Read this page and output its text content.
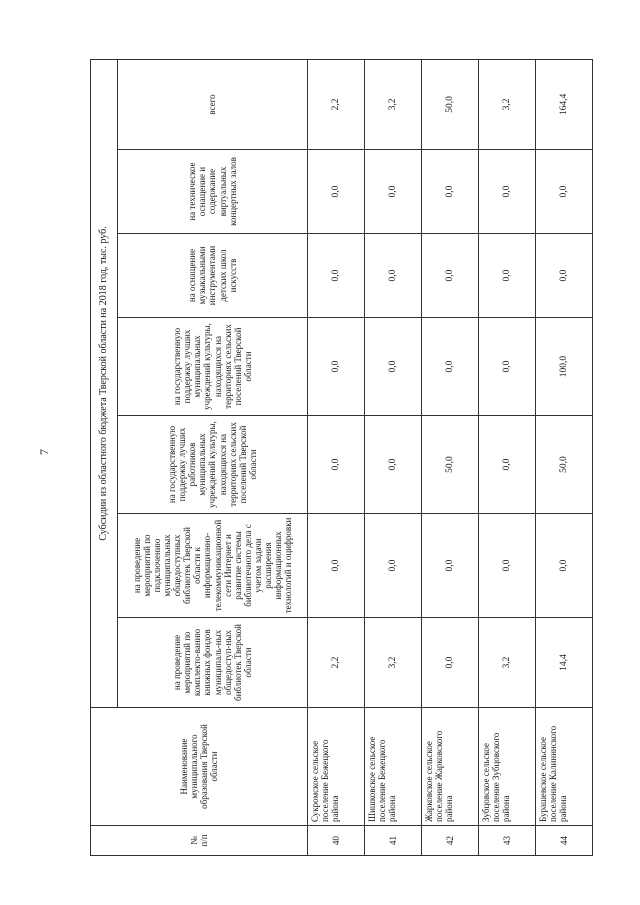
7
№
п/п	Наименование муниципального образования Тверской области	Субсидии из областного бюджета Тверской области на 2018 год, тыс. руб.						
		на проведение мероприятий по комплекто-ванию книжных фондов муниципаль-ных общедоступ-ных библиотек Тверской области	на проведение мероприятий по подключению муниципальных общедоступных библиотек Тверской области к информационно-телекоммуникационной сети Интернет и развитие системы библиотечного дела с учетом задачи расширения информационных технологий и оцифровки	на государственную поддержку лучших работников муниципальных учреждений культуры, находящихся на территориях сельских поселений Тверской области	на государственную поддержку лучших муниципальных учреждений культуры, находящихся на территориях сельских поселений Тверской области	на оснащение музыкальными инструментами детских школ искусств	на техническое оснащение и содержание виртуальных концертных залов	всего
40	Сукромское сельское поселение Бежецкого района	2,2	0,0	0,0	0,0	0,0	0,0	2,2
41	Шишковское сельское поселение Бежецкого района	3,2	0,0	0,0	0,0	0,0	0,0	3,2
42	Жарковское сельское поселение Жарковского района	0,0	0,0	50,0	0,0	0,0	0,0	50,0
43	Зубцовское сельское поселение Зубцовского района	3,2	0,0	0,0	0,0	0,0	0,0	3,2
44	Бурашевское сельское поселение Калининского района	14,4	0,0	50,0	100,0	0,0	0,0	164,4
